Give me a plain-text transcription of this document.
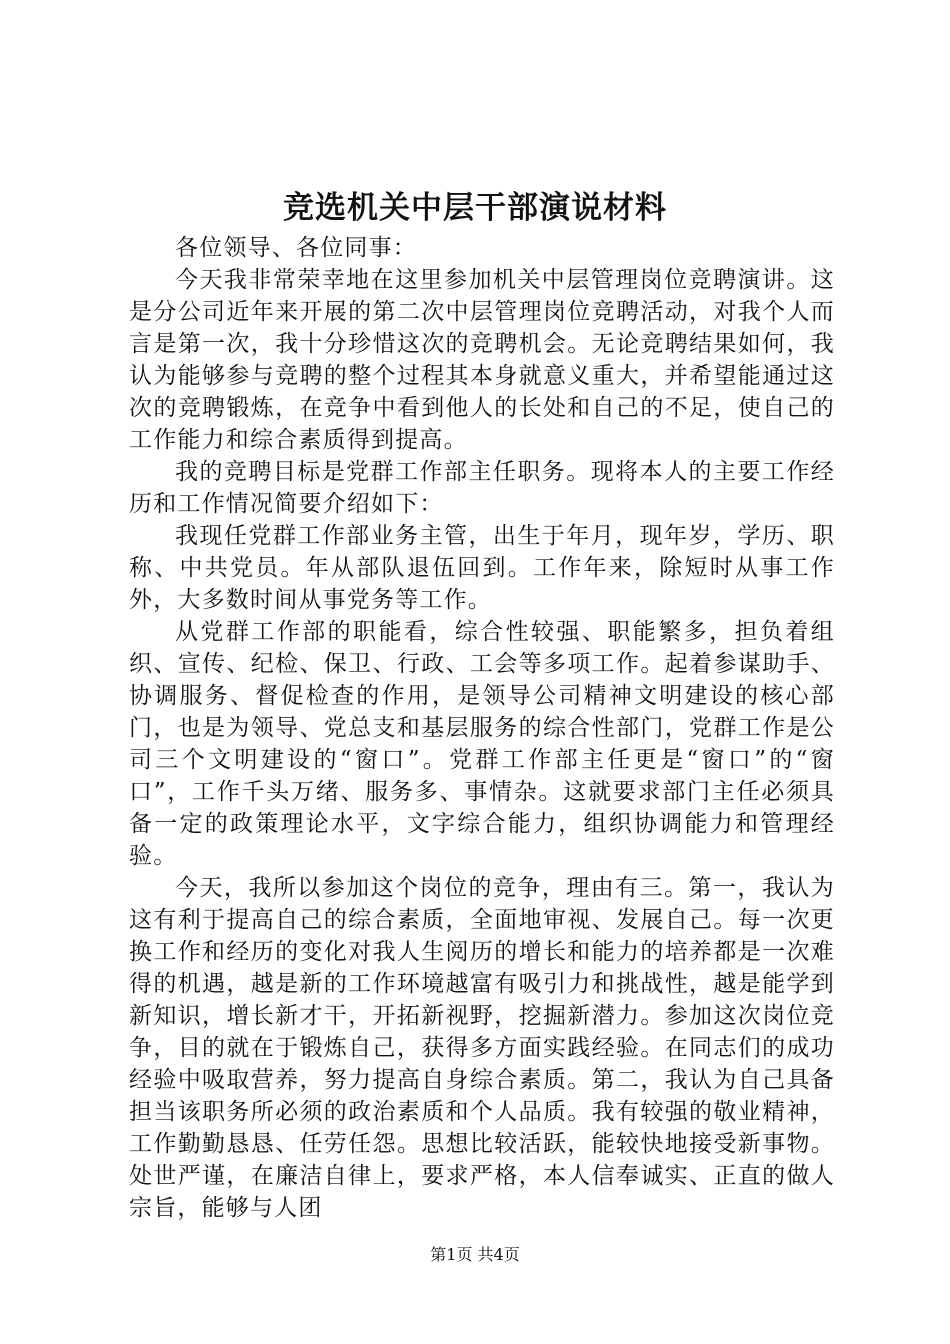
竞选机关中层干部演说材料

各位领导、各位同事：

今天我非常荣幸地在这里参加机关中层管理岗位竞聘演讲。这是分公司近年来开展的第二次中层管理岗位竞聘活动，对我个人而言是第一次，我十分珍惜这次的竞聘机会。无论竞聘结果如何，我认为能够参与竞聘的整个过程其本身就意义重大，并希望能通过这次的竞聘锻炼，在竞争中看到他人的长处和自己的不足，使自己的工作能力和综合素质得到提高。

我的竞聘目标是党群工作部主任职务。现将本人的主要工作经历和工作情况简要介绍如下：

我现任党群工作部业务主管，出生于年月，现年岁，学历、职称、中共党员。年从部队退伍回到。工作年来，除短时从事工作外，大多数时间从事党务等工作。

从党群工作部的职能看，综合性较强、职能繁多，担负着组织、宣传、纪检、保卫、行政、工会等多项工作。起着参谋助手、协调服务、督促检查的作用，是领导公司精神文明建设的核心部门，也是为领导、党总支和基层服务的综合性部门，党群工作是公司三个文明建设的“窗口”。党群工作部主任更是“窗口”的“窗口”，工作千头万绪、服务多、事情杂。这就要求部门主任必须具备一定的政策理论水平，文字综合能力，组织协调能力和管理经验。

今天，我所以参加这个岗位的竞争，理由有三。第一，我认为这有利于提高自己的综合素质，全面地审视、发展自己。每一次更换工作和经历的变化对我人生阅历的增长和能力的培养都是一次难得的机遇，越是新的工作环境越富有吸引力和挑战性，越是能学到新知识，增长新才干，开拓新视野，挖掘新潜力。参加这次岗位竞争，目的就在于锻炼自己，获得多方面实践经验。在同志们的成功经验中吸取营养，努力提高自身综合素质。第二，我认为自己具备担当该职务所必须的政治素质和个人品质。我有较强的敬业精神，工作勤勤恳恳、任劳任怨。思想比较活跃，能较快地接受新事物。处世严谨，在廉洁自律上，要求严格，本人信奉诚实、正直的做人宗旨，能够与人团

第1页 共4页
